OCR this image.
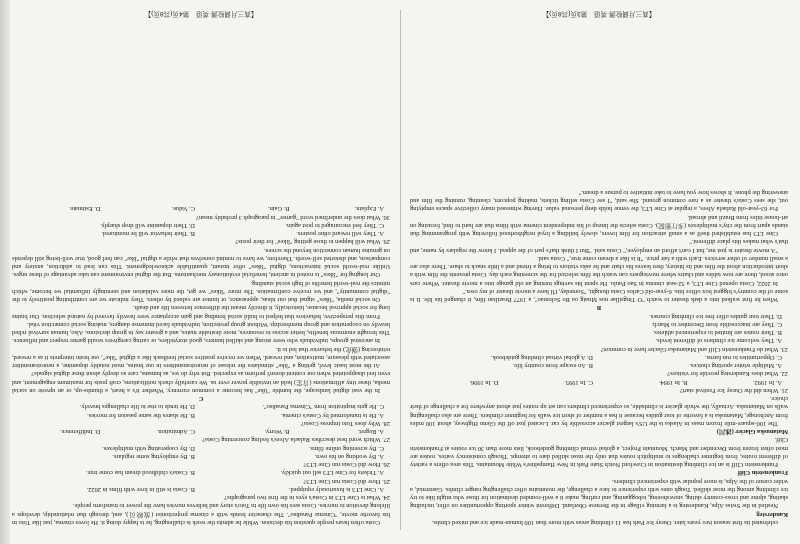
celebrated its first season two years later. Ouray Ice Park has 11 climbing areas with more than 100 human-made ice and mixed climbs.

Kandersteg

Nestled in the Swiss Alps, Kandersteg is a farming village in the Bernese Oberland. Different winter sporting opportunities on offer, including skating, alpine and cross-country skiing, snowshoeing, tobogganing, and curling, make it a well-rounded destination for those who might like to try ice climbing among the most skilled. Tough ones with experience to face a challenge, the mountains offer challenging ranger climbs. Gasterntal, a wider corner of the Alps, is more popular with experienced climbers.

Frankenstein Cliff

Frankenstein Cliff is an ice climbing destination in Crawford Notch State Park in New Hampshire's White Mountains. This area offers a variety of different routes, from beginner challenges to multipitch routes that only the most skilled dare to attempt. Though consistency varies, routes are most often frozen from December and March. Mountain Project, a global virtual climbing guidebook, lists more than 30 ice routes at Frankenstein Cliff.

Matanuska Glacier (冰川)

The 100-square-mile frozen mass in Alaska is the US's largest glacier accessible by car. Located just off the Glenn Highway, about 100 miles from Anchorage, Matanuska is a favorite of tour guides because it has a number of short ice walls for beginner climbers. There are also challenging walls on Matanuska. Actually, the whole glacier is climbable, so experienced climbers can set up routes just about anywhere for a challenge of their choice.

21. When did the Ouray Ice Festival start?

A. In 1992.
B. In 1994.
C. In 1995.
D. In 1996.

22. What does Kandersteg provide for visitors?

A. Multiple winter sporting choices.
B. An escape from country life.
C. Opportunities to run farms.
D. A global virtual climbing guidebook.

23. What do Frankenstein Cliff and Matanuska Glacier have in common?

A. They welcome ice climbers of different levels.
B. Their routes are limited to experienced athletes.
C. They are inaccessible from December to March.
D. Their tour guides offer free ice climbing courses.

B

When he first walked into a dark theater to watch "O Tingsillae nos Mnaig oa Bo Solomao", a 1977 Brazilian film, it changed his life. It is some of the country's biggest box office hits. 6-year-old Carlos Costa thought, "Someday, I'll have a movie theater of my own."

In 2022, Costa opened Cine LT3, a 52-seat cinema in Sao Paulo. He spent his savings turning an old garage into a movie theater. Where cars once stood, there are now tables and chairs where moviegoers can watch the film selected for the screening each day. Costa presents the film with a short introduction about the film and its history, then leaves his chair and he asks visitors to bring a friend and a little snack to share. There also are a small number of other services. Each with a fair price. "It is like a dream come true," Costa said.

"A movie theater is just me, but I can't afford an employee," Costa said. "But I think that's part of the appeal. I know the regulars by name, and that's what makes this place different."

Cine LT3 has established itself as a small attraction for film lovers, slowly building a loyal neighborhood following with programming that stands apart from the city's multiplexes (多厅影院). Costa selects the lineup of his independent cinema with films that are hard to find, focusing on art-house titles from Brazil and abroad.

For 63-year-old Rafaela Alves, a regular at Cine LT3, the venue holds deep personal value. Having witnessed many collective spaces emptying out, she sees Costa's theater as a rare common ground. She said, "I see Costa selling tickets, making popcorn, cleaning, running the film and answering the phone. It shows how you have to take initiative to pursue a dream."

【高三月调检测·英语　第3页(共8页)】

Costa often hears people question his decision. While he admits the work is challenging, he is happy doing it. He loves cinema, just like Toto in his favorite movie, "Cinema Paradiso". The character bonds with a cinema projectionist (放映员), and, through that relationship, develops a lifelong devotion to movies. Costa sees his own life in Toto's story and believes movies have the power to transform people.

24. What is Cine LT3 in Costa's eyes in the first two paragraphs?

A. Cine LT3 is luxuriously equipped.
B. Costa is still in love with films in 2022.

25. How did Costa run Cine LT3?

A. Tickets for Cine LT3 sell out quickly.
B. Costa's childhood dream has come true.

26. How did Costa run Cine LT3?

A. By working on his own.
B. By employing some regulars.
C. By screening online films.
D. By cooperating with multiplexes.

27. Which word best describes Rafaela Alves's feeling concerning Costa?

A. Regret.
B. Worry.
C. Admiration.
D. Indifference.

28. Why does Toto impress Costa?

A. He is transformed by Costa's cinema.
B. He shares the same passion for movies.
C. He gets inspiration from "Cinema Paradiso".
D. He tends to rise to life challenges bravely.

C

In the vast digital landscape, the humble "like" has become a common currency. Whether it's a heart, a thumbs-up, or an upvote on social media, these tiny affirmations (肯定) hold an invisible power over us. We carefully check notifications, craft posts for maximum engagement, and even feel disappointed when our content doesn't perform as expected. But why do we, as humans, care so deeply about these digital signals?

At the most basic level, getting a "like" stimulates the release of neurotransmitters in our brains, most notably dopamine, a neurotransmitter associated with pleasure, motivation, and reward. When we receive positive social feedback like a digital "like", our brain interprets it as a reward, reinforcing (强化) the behavior that led to it.

In ancestral groups, individuals who were strong and skilled hunters, good storytellers, or caring caregivers would garner respect and influence. This brought enormous benefits, better access to resources, more desirable mates, and a greater say in group decisions. Also, human survival relied heavily on cooperation and group membership. Without group protection, individuals faced immense dangers, making social connection vital.

From this perspective, behaviors that helped to build social bonding and gain acceptance were heavily favored by natural selection. Our brains long for social approval because, historically, it directly meant the difference between life and death.

On social media, "likes" signal that our ideas, appearance, or humor are valued by others. They indicate we are contributing positively to the "digital community", and we receive confirmation. The more "likes" we get, the more validation and seemingly influential we become, which mimics the real-world benefits of high social standing.

Our longing for "likes" is rooted in ancient, beneficial evolutionary mechanisms. But the digital environment can take advantage of these urges. Unlike real-world social interactions, digital "likes" offer instant, quantifiable acknowledgement. This can lead to addiction, anxiety and comparison, and distorted self-worth. Therefore, we have to remind ourselves that while a digital "like" can feel good, true well-being still depends on genuine human connection beyond the screen.

29. What will happen to those getting "likes" for their posts?

A. They will reward other posters.
B. Their behavior will be monitored.
C. They feel encouraged to post again.
D. Their dopamine will drop sharply.

30. What does the underlined word "garner" in paragraph 3 probably mean?

A. Explain.
B. Gain.
C. Value.
D. Estimate.
【高三月调检测·英语　第4页(共8页)】
